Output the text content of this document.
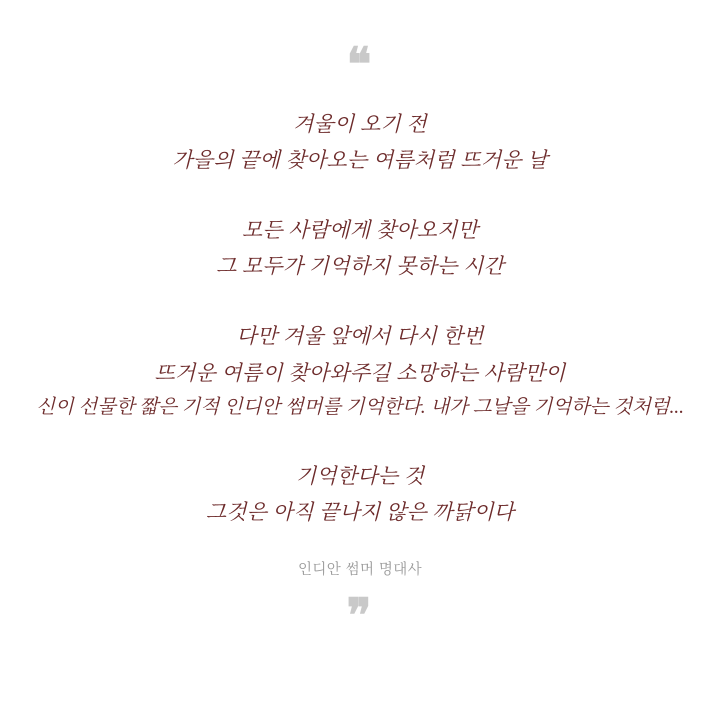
❝

겨울이 오기 전
가을의 끝에 찾아오는 여름처럼 뜨거운 날

모든 사람에게 찾아오지만
그 모두가 기억하지 못하는 시간

다만 겨울 앞에서 다시 한번
뜨거운 여름이 찾아와주길 소망하는 사람만이
신이 선물한 짧은 기적 인디안 썸머를 기억한다. 내가 그날을 기억하는 것처럼...

기억한다는 것
그것은 아직 끝나지 않은 까닭이다

인디안 썸머 명대사
❞
